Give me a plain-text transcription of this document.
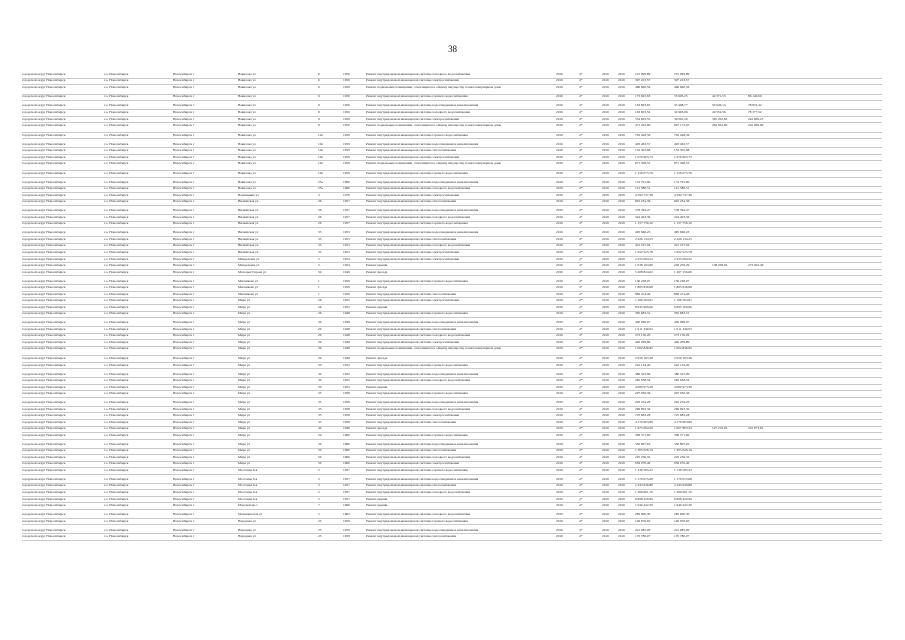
38
городской округ Новосибирск	г.о. Новосибирск	Новосибирск г	Вавилова ул	6	1956	Ремонт внутридомовой инженерной системы холодного водоснабжения	2016	4*	2016	2016	191 099,89	191 099,89
городской округ Новосибирск	г.о. Новосибирск	Новосибирск г	Вавилова ул	6	1956	Ремонт внутридомовой инженерной системы электроснабжения	2016	4*	2016	2016	397 223,57	397 223,57
городской округ Новосибирск	г.о. Новосибирск	Новосибирск г	Вавилова ул	6	1956	Ремонт подвальных помещений, относящихся к общему имуществу в многоквартирном доме	2016	4*	2016	2016	460 600,56	460 600,56
городской округ Новосибирск	г.о. Новосибирск	Новосибирск г	Вавилова ул	6	1956	Ремонт внутридомовой инженерной системы горячего водоснабжения	2016	4*	2016	2016	173 603,63	33 903,25	42 371,53	86 140,60
городской округ Новосибирск	г.о. Новосибирск	Новосибирск г	Вавилова ул	9	1956	Ремонт внутридомовой инженерной системы водоотведения и канализования	2016	4*	2016	2016	163 903,63	33 498,77	50 046,14	78 872,42
городской округ Новосибирск	г.о. Новосибирск	Новосибирск г	Вавилова ул	9	1956	Ремонт внутридомовой инженерной системы холодного водоснабжения	2016	4*	2016	2016	163 903,52	34 903,66	49 552,56	78 377,52
городской округ Новосибирск	г.о. Новосибирск	Новосибирск г	Вавилова ул	9	1956	Ремонт внутридомовой инженерной системы электроснабжения	2016	4*	2016	2016	354 693,55	39 091,29	365 202,82	242 609,23
городской округ Новосибирск	г.о. Новосибирск	Новосибирск г	Вавилова ул	9	1956	Ремонт подвальных помещений, относящихся к общему имуществу в многоквартирном доме	2016	4*	2016	2016	471 452,60	907 173,05	262 924,00	242 906,06
городской округ Новосибирск	г.о. Новосибирск	Новосибирск г	Вавилова ул	10а	1959	Ремонт внутридомовой инженерной системы горячего водоснабжения	2016	4*	2016	2016	763 428,36	763 428,36
городской округ Новосибирск	г.о. Новосибирск	Новосибирск г	Вавилова ул	10а	1959	Ремонт внутридомовой инженерной системы водоотведения и канализования	2016	4*	2016	2016	493 463,57	493 463,57
городской округ Новосибирск	г.о. Новосибирск	Новосибирск г	Вавилова ул	10а	1959	Ремонт внутридомовой инженерной системы теплоснабжения	2016	4*	2016	2016	152 302,98	152 302,98
городской округ Новосибирск	г.о. Новосибирск	Новосибирск г	Вавилова ул	10а	1959	Ремонт внутридомовой инженерной системы электроснабжения	2016	4*	2016	2016	1 076 603,73	1 076 603,73
городской округ Новосибирск	г.о. Новосибирск	Новосибирск г	Вавилова ул	10а	1959	Ремонт подвальных помещений, относящихся к общему имуществу в многоквартирном доме	2016	4*	2016	2016	871 308,53	871 308,53
городской округ Новосибирск	г.о. Новосибирск	Новосибирск г	Вавилова ул	10а	1959	Ремонт внутридомовой инженерной системы горячего водоснабжения	2016	4*	2016	2016	1 156 073,76	1 156 073,76
городской округ Новосибирск	г.о. Новосибирск	Новосибирск г	Вавилова ул	25а	1960	Ремонт внутридомовой инженерной системы водоотведения и канализования	2016	4*	2016	2016	174 791,90	174 791,90
городской округ Новосибирск	г.о. Новосибирск	Новосибирск г	Вавилова ул	25а	1960	Ремонт внутридомовой инженерной системы холодного водоснабжения	2016	4*	2016	2016	121 380,51	121 380,51
городской округ Новосибирск	г.о. Новосибирск	Новосибирск г	Вершинина ул	3	1976	Ремонт внутридомовой инженерной системы электроснабжения	2016	4*	2016	2016	4 594 737,38	4 594 737,38
городской округ Новосибирск	г.о. Новосибирск	Новосибирск г	Вилюйская ул	26	1957	Ремонт внутридомовой инженерной системы теплоснабжения	2016	4*	2016	2016	845 234,36	845 234,36
городской округ Новосибирск	г.о. Новосибирск	Новосибирск г	Вилюйская ул	26	1957	Ремонт внутридомовой инженерной системы водоотведения и канализования	2016	4*	2016	2016	578 394,47	578 394,47
городской округ Новосибирск	г.о. Новосибирск	Новосибирск г	Вилюйская ул	26	1957	Ремонт внутридомовой инженерной системы холодного водоснабжения	2016	4*	2016	2016	324 403,36	324 403,36
городской округ Новосибирск	г.о. Новосибирск	Новосибирск г	Вилюйская ул	26	1957	Ремонт внутридомовой инженерной системы горячего водоснабжения	2016	4*	2016	2016	1 157 756,10	1 157 756,10
городской округ Новосибирск	г.о. Новосибирск	Новосибирск г	Вилюйская ул	33	1953	Ремонт внутридомовой инженерной системы водоотведения и канализования	2016	4*	2016	2016	495 666,23	495 666,23
городской округ Новосибирск	г.о. Новосибирск	Новосибирск г	Вилюйская ул	33	1953	Ремонт внутридомовой инженерной системы теплоснабжения	2016	4*	2016	2016	2 426 134,25	2 426 134,25
городской округ Новосибирск	г.о. Новосибирск	Новосибирск г	Вилюйская ул	33	1953	Ремонт внутридомовой инженерной системы холодного водоснабжения	2016	4*	2016	2016	415 197,04	415 197,04
городской округ Новосибирск	г.о. Новосибирск	Новосибирск г	Вилюйская ул	33	1953	Ремонт внутридомовой инженерной системы электроснабжения	2016	4*	2016	2016	1 622 525,78	1 622 525,78
городской округ Новосибирск	г.о. Новосибирск	Новосибирск г	Менделеева ул	5	1954	Ремонт внутридомовой инженерной системы электроснабжения	2016	4*	2016	2016	2 255 094,52	2 255 094,52
городской округ Новосибирск	г.о. Новосибирск	Новосибирск г	Менделеева ул	5	1954	Ремонт крыши	2016	4*	2016	2016	1 038 164,96	246 259,29	138 258,94	273 002,49
городской округ Новосибирск	г.о. Новосибирск	Новосибирск г	Молодых Героев ул	34	1949	Ремонт фасада	2016	4*	2016	2016	5 208 824,02	1 267 156,60
городской округ Новосибирск	г.о. Новосибирск	Новосибирск г	Мясникова ул	1	1959	Ремонт внутридомовой инженерной системы горячего водоснабжения	2016	4*	2016	2016	136 228,97	136 228,97
городской округ Новосибирск	г.о. Новосибирск	Новосибирск г	Мясникова ул	1	1959	Ремонт фасада	2016	4*	2016	2016	1 865 636,98	1 865 636,98
городской округ Новосибирск	г.о. Новосибирск	Новосибирск г	Мясникова ул	1	1959	Ремонт внутридомовой инженерной системы теплоснабжения	2016	4*	2016	2016	866 474,46	866 474,46
городской округ Новосибирск	г.о. Новосибирск	Новосибирск г	Мира ул	26	1952	Ремонт внутридомовой инженерной системы электроснабжения	2016	4*	2016	2016	1 166 504,91	1 166 504,91
городской округ Новосибирск	г.о. Новосибирск	Новосибирск г	Мира ул	26	1952	Ремонт крыши	2016	4*	2016	2016	8 043 900,06	6 695 100,90
городской округ Новосибирск	г.о. Новосибирск	Новосибирск г	Мира ул	26	1948	Ремонт внутридомовой инженерной системы горячего водоснабжения	2016	4*	2016	2016	365 683,31	365 683,31
городской округ Новосибирск	г.о. Новосибирск	Новосибирск г	Мира ул	29	1948	Ремонт внутридомовой инженерной системы водоотведения и канализования	2016	4*	2016	2016	430 069,97	430 069,97
городской округ Новосибирск	г.о. Новосибирск	Новосибирск г	Мира ул	29	1948	Ремонт внутридомовой инженерной системы теплоснабжения	2016	4*	2016	2016	1 011 349,93	1 011 349,93
городской округ Новосибирск	г.о. Новосибирск	Новосибирск г	Мира ул	29	1948	Ремонт внутридомовой инженерной системы холодного водоснабжения	2016	4*	2016	2016	272 150,20	272 150,20
городской округ Новосибирск	г.о. Новосибирск	Новосибирск г	Мира ул	29	1948	Ремонт внутридомовой инженерной системы электроснабжения	2016	4*	2016	2016	420 209,89	420 209,89
городской округ Новосибирск	г.о. Новосибирск	Новосибирск г	Мира ул	29	1948	Ремонт подвальных помещений, относящихся к общему имуществу в многоквартирном доме	2016	4*	2016	2016	1 002 846,95	1 002 846,95
городской округ Новосибирск	г.о. Новосибирск	Новосибирск г	Мира ул	29	1948	Ремонт фасада	2016	4*	2016	2016	2 059 163,36	2 059 163,36
городской округ Новосибирск	г.о. Новосибирск	Новосибирск г	Мира ул	30	1952	Ремонт внутридомовой инженерной системы горячего водоснабжения	2016	4*	2016	2016	242 134,40	242 134,40
городской округ Новосибирск	г.о. Новосибирск	Новосибирск г	Мира ул	30	1952	Ремонт внутридомовой инженерной системы водоотведения и канализования	2016	4*	2016	2016	380 323,09	380 323,09
городской округ Новосибирск	г.о. Новосибирск	Новосибирск г	Мира ул	30	1952	Ремонт внутридомовой инженерной системы холодного водоснабжения	2016	4*	2016	2016	265 038,54	265 038,54
городской округ Новосибирск	г.о. Новосибирск	Новосибирск г	Мира ул	30	1952	Ремонт крыши	2016	4*	2016	2016	4 080 973,38	4 080 973,38
городской округ Новосибирск	г.о. Новосибирск	Новосибирск г	Мира ул	33	1958	Ремонт внутридомовой инженерной системы горячего водоснабжения	2016	4*	2016	2016	297 036,36	297 036,36
городской округ Новосибирск	г.о. Новосибирск	Новосибирск г	Мира ул	33	1958	Ремонт внутридомовой инженерной системы водоотведения и канализования	2016	4*	2016	2016	292 254,26	292 254,26
городской округ Новосибирск	г.о. Новосибирск	Новосибирск г	Мира ул	33	1958	Ремонт внутридомовой инженерной системы холодного водоснабжения	2016	4*	2016	2016	269 993,30	269 993,30
городской округ Новосибирск	г.о. Новосибирск	Новосибирск г	Мира ул	33	1958	Ремонт внутридомовой инженерной системы электроснабжения	2016	4*	2016	2016	725 683,28	725 683,28
городской округ Новосибирск	г.о. Новосибирск	Новосибирск г	Мира ул	33	1958	Ремонт внутридомовой инженерной системы теплоснабжения	2016	4*	2016	2016	4 170 663,89	4 170 663,89
городской округ Новосибирск	г.о. Новосибирск	Новосибирск г	Мира ул	42	1940	Ремонт фасада	2016	4*	2016	2016	1 675 004,59	1 007 803,34	147 219,03	222 973,92
городской округ Новосибирск	г.о. Новосибирск	Новосибирск г	Мира ул	50	1960	Ремонт внутридомовой инженерной системы горячего водоснабжения	2016	4*	2016	2016	309 371,60	309 371,60
городской округ Новосибирск	г.о. Новосибирск	Новосибирск г	Мира ул	50	1960	Ремонт внутридомовой инженерной системы водоотведения и канализования	2016	4*	2016	2016	350 807,03	350 807,03
городской округ Новосибирск	г.о. Новосибирск	Новосибирск г	Мира ул	50	1960	Ремонт внутридомовой инженерной системы теплоснабжения	2016	4*	2016	2016	1 305 626,19	1 305 626,19
городской округ Новосибирск	г.о. Новосибирск	Новосибирск г	Мира ул	50	1960	Ремонт внутридомовой инженерной системы холодного водоснабжения	2016	4*	2016	2016	245 236,32	245 236,32
городской округ Новосибирск	г.о. Новосибирск	Новосибирск г	Мира ул	50	1960	Ремонт внутридомовой инженерной системы электроснабжения	2016	4*	2016	2016	959 070,40	959 070,40
городской округ Новосибирск	г.о. Новосибирск	Новосибирск г	Мостовая 6-я	2	1957	Ремонт внутридомовой инженерной системы горячего водоснабжения	2016	4*	2016	2016	1 139 595,23	1 139 595,23
городской округ Новосибирск	г.о. Новосибирск	Новосибирск г	Мостовая 6-я	2	1957	Ремонт внутридомовой инженерной системы водоотведения и канализования	2016	4*	2016	2016	1 170 015,68	1 170 015,68
городской округ Новосибирск	г.о. Новосибирск	Новосибирск г	Мостовая 6-я	2	1957	Ремонт внутридомовой инженерной системы теплоснабжения	2016	4*	2016	2016	2 343 636,88	2 343 636,88
городской округ Новосибирск	г.о. Новосибирск	Новосибирск г	Мостовая 6-я	2	1957	Ремонт внутридомовой инженерной системы холодного водоснабжения	2016	4*	2016	2016	1 269 661,70	1 269 661,70
городской округ Новосибирск	г.о. Новосибирск	Новосибирск г	Мостовая 6-я	5	1957	Ремонт крыши	2016	4*	2016	2016	6 698 420,99	6 698 420,99
городской округ Новосибирск	г.о. Новосибирск	Новосибирск г	Морской пр-т	7	1966	Ремонт крыши	2016	4*	2016	2016	1 940 432,30	1 940 432,30
городской округ Новосибирск	г.о. Новосибирск	Новосибирск г	Мочищенская ул	5	1962	Ремонт внутридомовой инженерной системы холодного водоснабжения	2016	4*	2016	2016	285 900,30	285 900,30
городской округ Новосибирск	г.о. Новосибирск	Новосибирск г	Народная ул	23	1959	Ремонт внутридомовой инженерной системы горячего водоснабжения	2016	4*	2016	2016	146 976,65	146 976,65
городской округ Новосибирск	г.о. Новосибирск	Новосибирск г	Народная ул	23	1959	Ремонт внутридомовой инженерной системы водоотведения и канализования	2016	4*	2016	2016	241 985,00	241 985,00
городской округ Новосибирск	г.о. Новосибирск	Новосибирск г	Народная ул	23	1959	Ремонт внутридомовой инженерной системы теплоснабжения	2016	4*	2016	2016	170 780,07	170 780,07
